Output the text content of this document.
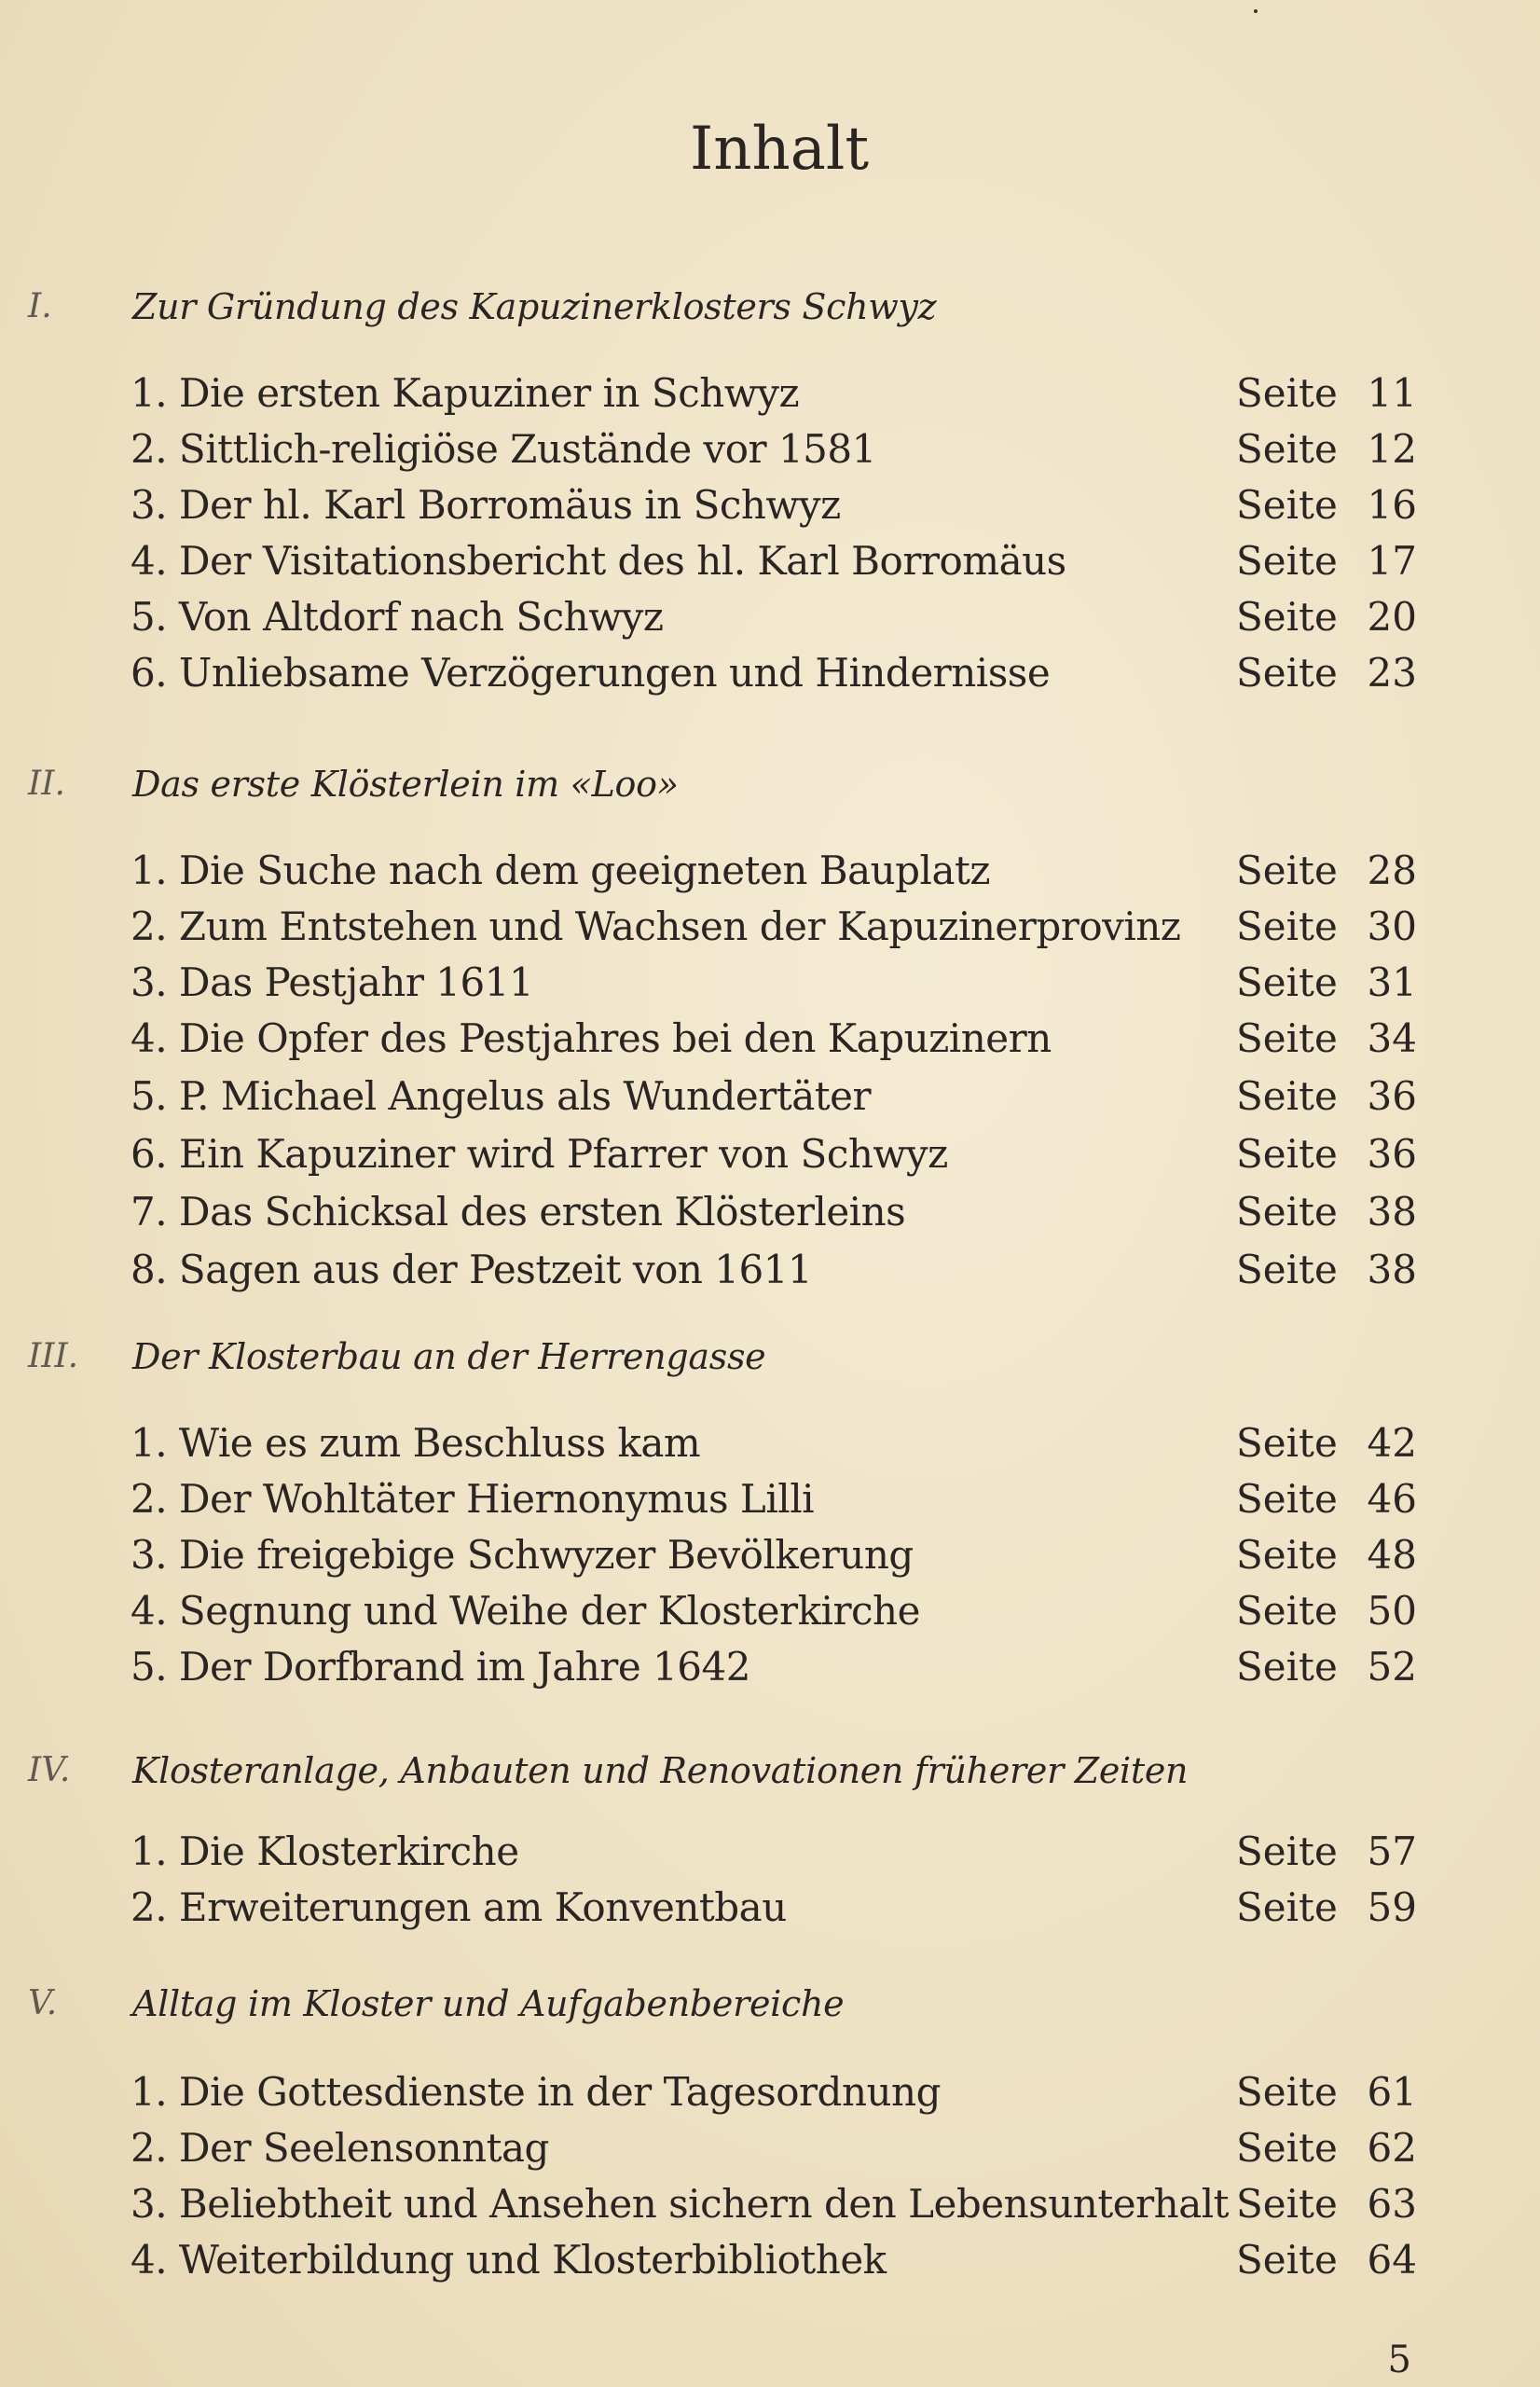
Inhalt
I. Zur Gründung des Kapuzinerklosters Schwyz
1. Die ersten Kapuziner in Schwyz	Seite 11
2. Sittlich-religiöse Zustände vor 1581	Seite 12
3. Der hl. Karl Borromäus in Schwyz	Seite 16
4. Der Visitationsbericht des hl. Karl Borromäus	Seite 17
5. Von Altdorf nach Schwyz	Seite 20
6. Unliebsame Verzögerungen und Hindernisse	Seite 23
II. Das erste Klösterlein im «Loo»
1. Die Suche nach dem geeigneten Bauplatz	Seite 28
2. Zum Entstehen und Wachsen der Kapuzinerprovinz Seite 30
3. Das Pestjahr 1611	Seite 31
4. Die Opfer des Pestjahres bei den Kapuzinern	Seite 34
5. P. Michael Angelus als Wundertäter	Seite 36
6. Ein Kapuziner wird Pfarrer von Schwyz	Seite 36
7. Das Schicksal des ersten Klösterleins	Seite 38
8. Sagen aus der Pestzeit von 1611	Seite 38
III. Der Klosterbau an der Herrengasse
1. Wie es zum Beschluss kam	Seite 42
2. Der Wohltäter Hiernonymus Lilli	Seite 46
3. Die freigebige Schwyzer Bevölkerung	Seite 48
4. Segnung und Weihe der Klosterkirche	Seite 50
5. Der Dorfbrand im Jahre 1642	Seite 52
IV. Klosteranlage, Anbauten und Renovationen früherer Zeiten
1. Die Klosterkirche	Seite 57
2. Erweiterungen am Konventbau	Seite 59
V. Alltag im Kloster und Aufgabenbereiche
1. Die Gottesdienste in der Tagesordnung	Seite 61
2. Der Seelensonntag	Seite 62
3. Beliebtheit und Ansehen sichern den Lebensunterhalt Seite 63
4. Weiterbildung und Klosterbibliothek	Seite 64
5
